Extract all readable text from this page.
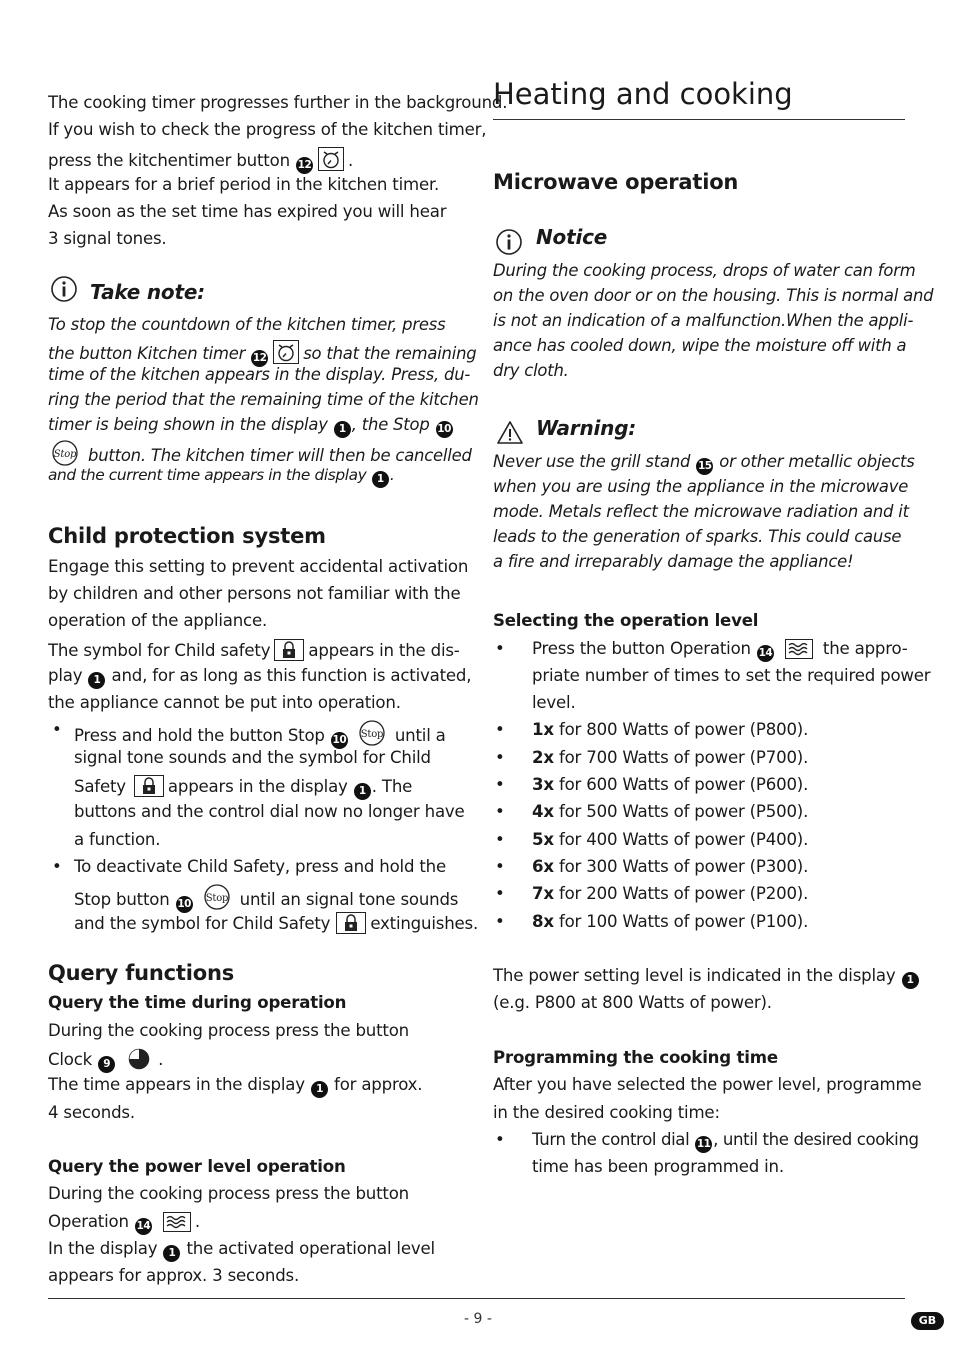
The cooking timer progresses further in the background.
If you wish to check the progress of the kitchen timer,
press the kitchentimer button 12 .
It appears for a brief period in the kitchen timer.
As soon as the set time has expired you will hear
3 signal tones.
Take note:
To stop the countdown of the kitchen timer, press
the button Kitchen timer 12 so that the remaining
time of the kitchen appears in the display. Press, du-
ring the period that the remaining time of the kitchen
timer is being shown in the display 1 , the Stop 10
Stop button. The kitchen timer will then be cancelled
and the current time appears in the display 1 .
Child protection system
Engage this setting to prevent accidental activation
by children and other persons not familiar with the
operation of the appliance.
The symbol for Child safety appears in the dis-
play 1 and, for as long as this function is activated,
the appliance cannot be put into operation.
• Press and hold the button Stop 10 Stop until a
signal tone sounds and the symbol for Child
Safety	appears in the display 1 . The
buttons and the control dial now no longer have
a function.
• To deactivate Child Safety, press and hold the
Stop button 10 Stop until an signal tone sounds
and the symbol for Child Safety extinguishes.
Query functions
Query the time during operation
During the cooking process press the button
Clock 9	.
The time appears in the display 1 for approx.
4 seconds.
Query the power level operation
During the cooking process press the button
Operation 14	.
In the display 1 the activated operational level
appears for approx. 3 seconds.
Heating and cooking
Microwave operation
Notice
During the cooking process, drops of water can form
on the oven door or on the housing. This is normal and
is not an indication of a malfunction.When the appli-
ance has cooled down, wipe the moisture off with a
dry cloth.
Warning:
Never use the grill stand 15 or other metallic objects
when you are using the appliance in the microwave
mode. Metals reflect the microwave radiation and it
leads to the generation of sparks. This could cause
a fire and irreparably damage the appliance!
Selecting the operation level
• Press the button Operation 14	the appro-
priate number of times to set the required power
level.
• 1x for 800 Watts of power (P800).
• 2x for 700 Watts of power (P700).
• 3x for 600 Watts of power (P600).
• 4x for 500 Watts of power (P500).
• 5x for 400 Watts of power (P400).
• 6x for 300 Watts of power (P300).
• 7x for 200 Watts of power (P200).
• 8x for 100 Watts of power (P100).
The power setting level is indicated in the display 1
(e.g. P800 at 800 Watts of power).
Programming the cooking time
After you have selected the power level, programme
in the desired cooking time:
• Turn the control dial 11 , until the desired cooking
time has been programmed in.
- 9 -	GB
